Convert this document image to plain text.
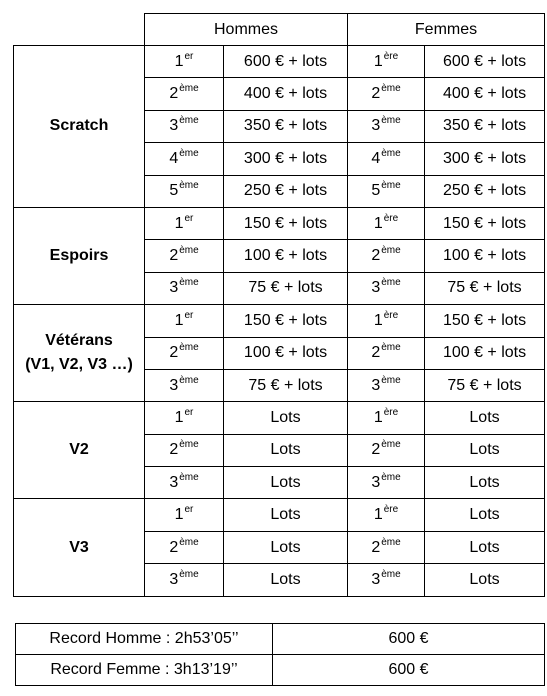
	Hommes		Femmes	

Scratch	1er	600 € + lots	1ère	600 € + lots
	2ème	400 € + lots	2ème	400 € + lots
	3ème	350 € + lots	3ème	350 € + lots
	4ème	300 € + lots	4ème	300 € + lots
	5ème	250 € + lots	5ème	250 € + lots

Espoirs	1er	150 € + lots	1ère	150 € + lots
	2ème	100 € + lots	2ème	100 € + lots
	3ème	75 € + lots	3ème	75 € + lots

Vétérans
(V1, V2, V3 …)	1er	150 € + lots	1ère	150 € + lots
	2ème	100 € + lots	2ème	100 € + lots
	3ème	75 € + lots	3ème	75 € + lots

V2	1er	Lots	1ère	Lots
	2ème	Lots	2ème	Lots
	3ème	Lots	3ème	Lots

V3	1er	Lots	1ère	Lots
	2ème	Lots	2ème	Lots
	3ème	Lots	3ème	Lots
Record Homme : 2h53’05’’	600 €
Record Femme : 3h13’19’’	600 €
